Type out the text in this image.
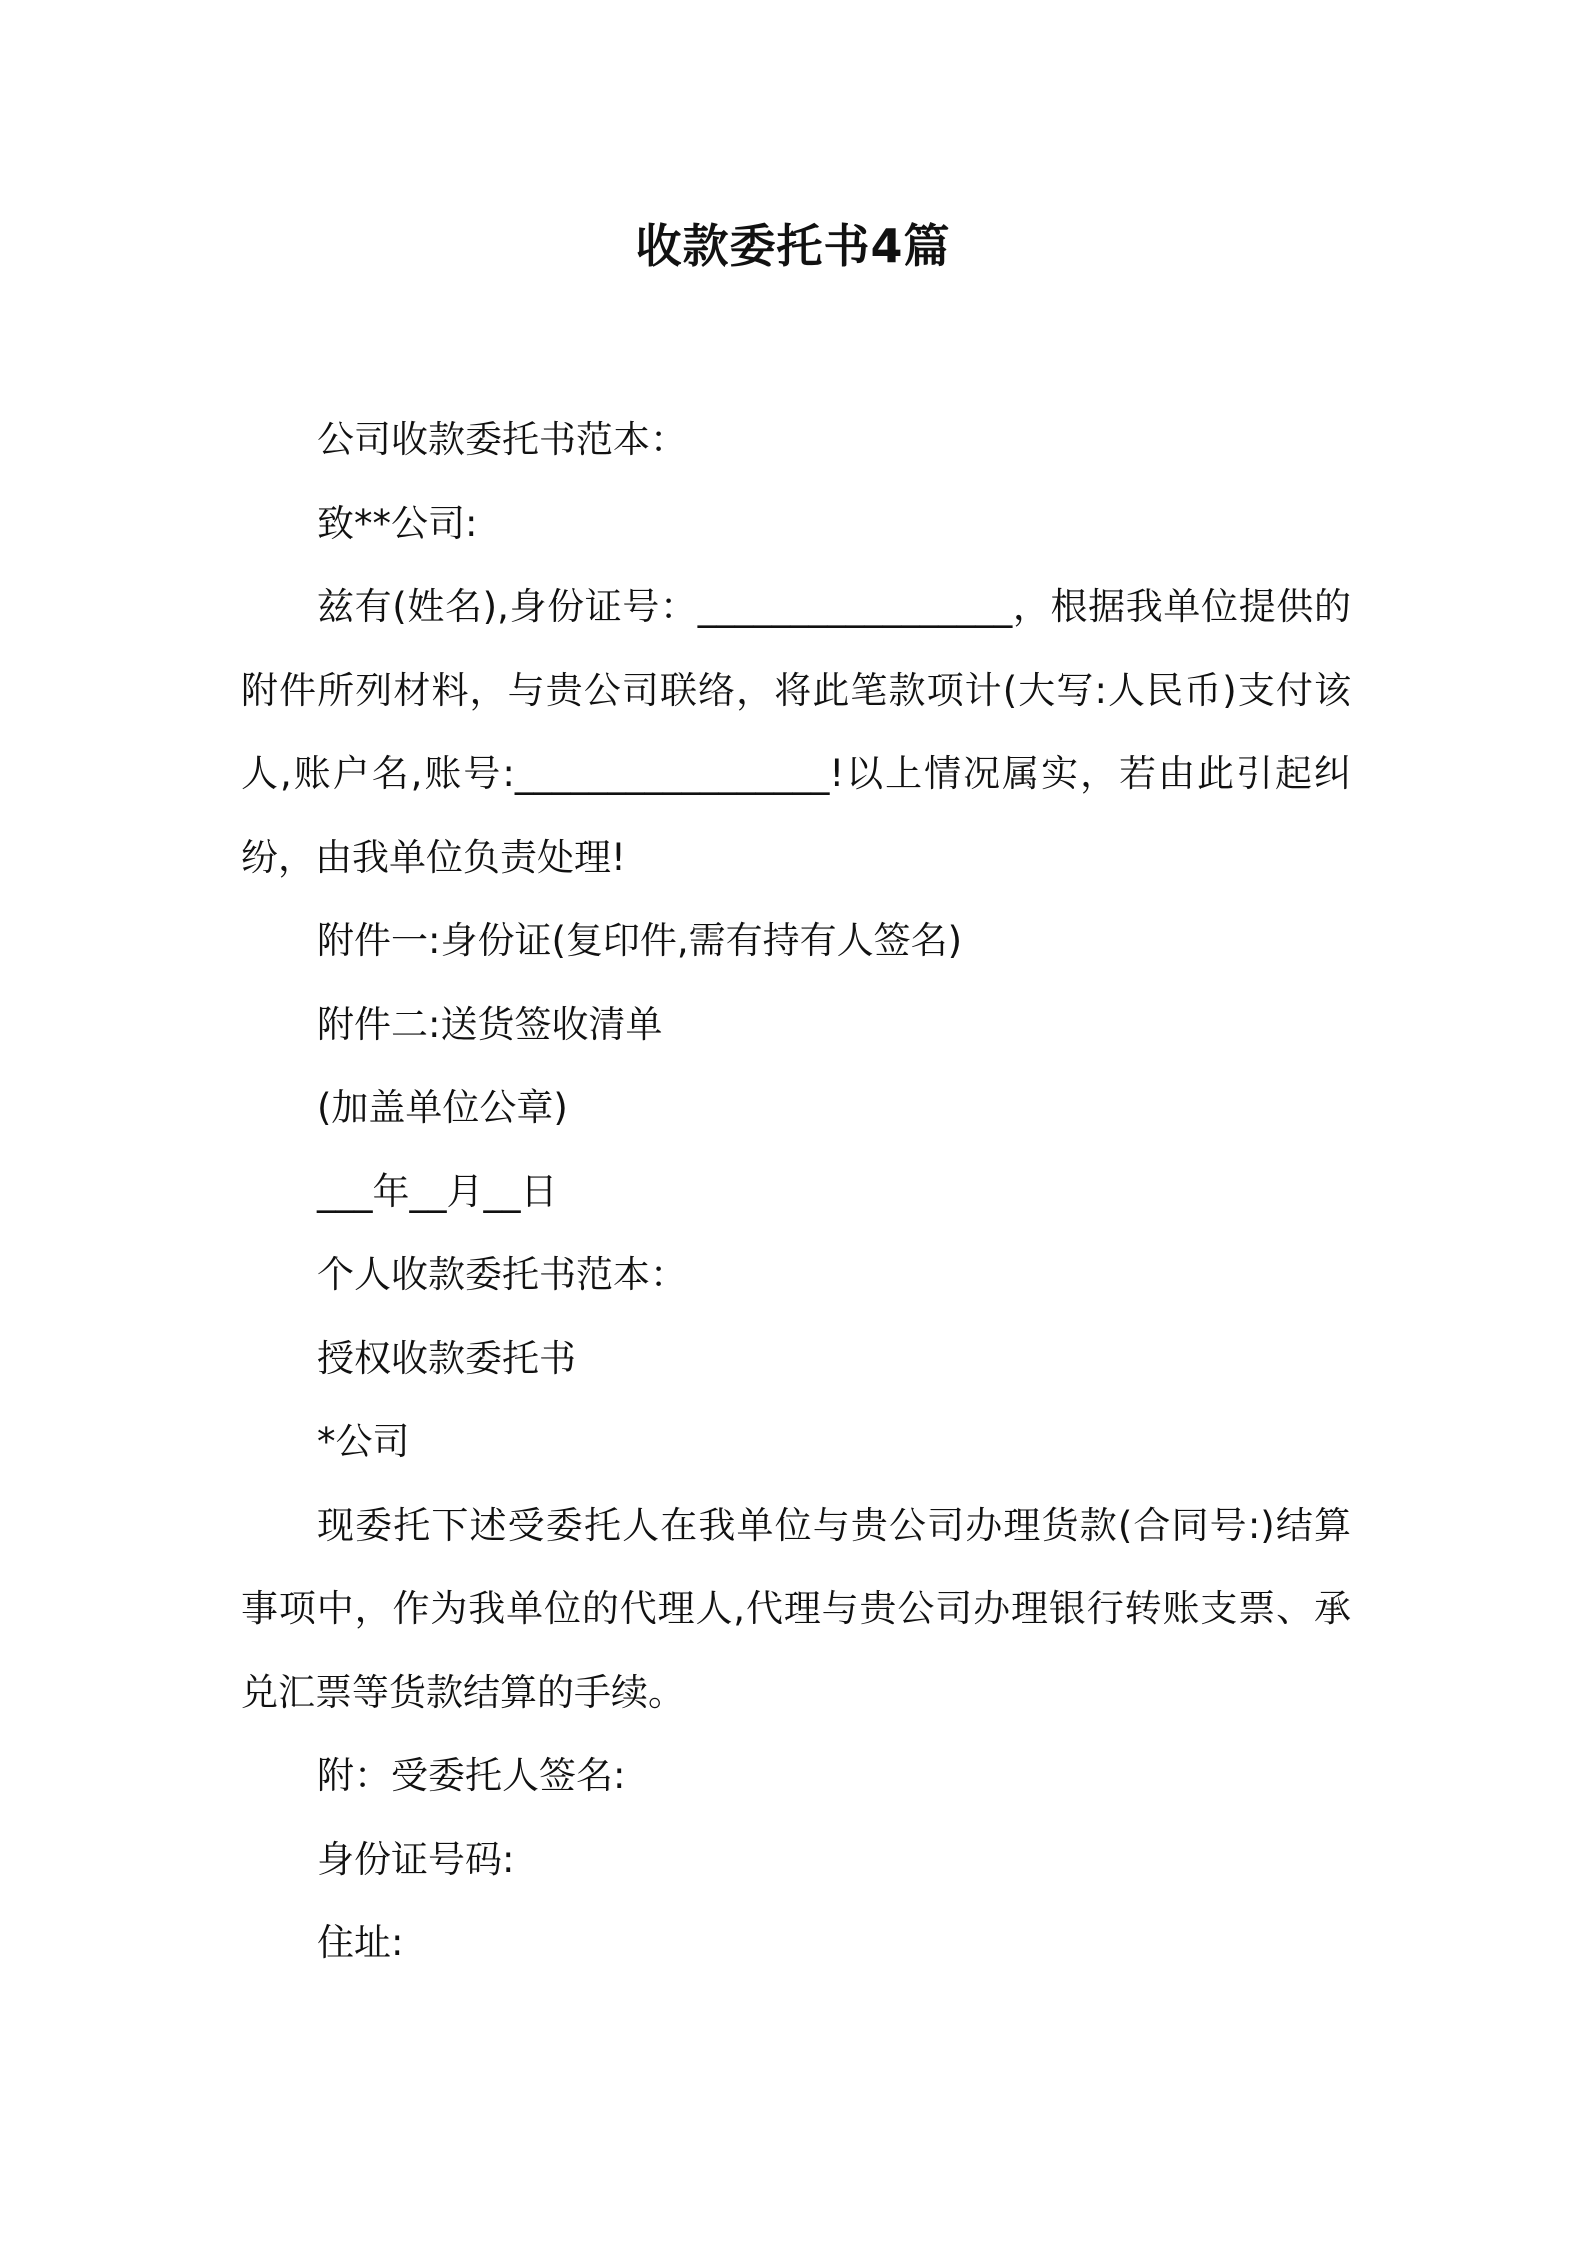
收款委托书4篇

公司收款委托书范本：

致**公司:

兹有(姓名),身份证号：_________________，根据我单位提供的附件所列材料，与贵公司联络，将此笔款项计(大写:人民币)支付该人,账户名,账号:_________________!以上情况属实，若由此引起纠纷，由我单位负责处理!

附件一:身份证(复印件,需有持有人签名)

附件二:送货签收清单

(加盖单位公章)

___年__月__日

个人收款委托书范本：

授权收款委托书

*公司

现委托下述受委托人在我单位与贵公司办理货款(合同号:)结算事项中，作为我单位的代理人,代理与贵公司办理银行转账支票、承兑汇票等货款结算的手续。

附：受委托人签名:

身份证号码:

住址:
